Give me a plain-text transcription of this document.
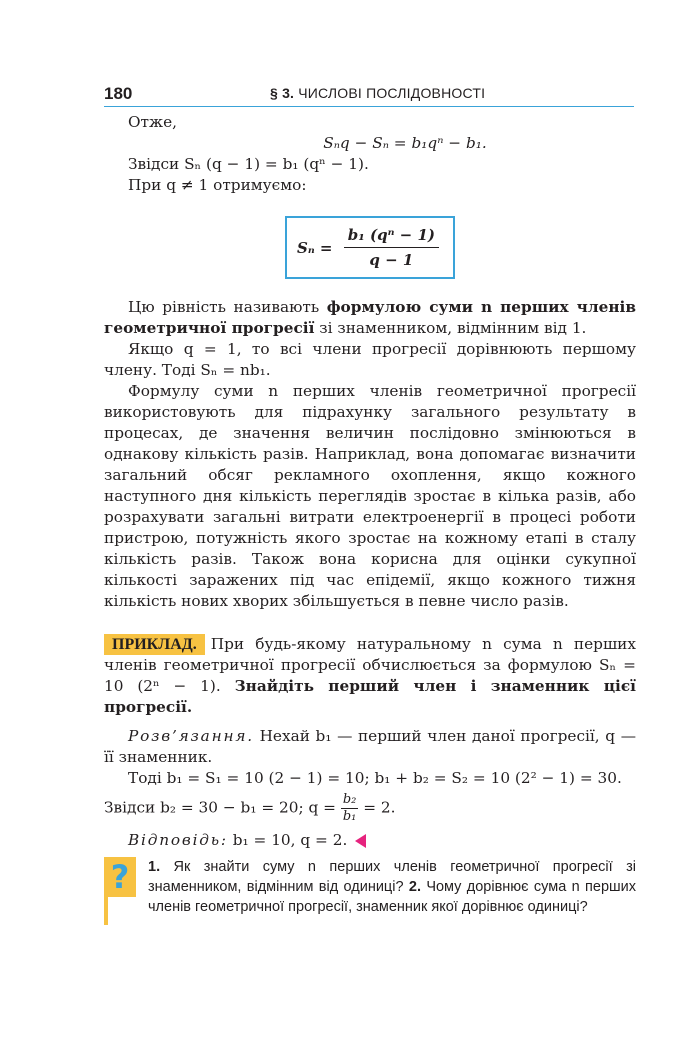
180	§ 3. ЧИСЛОВІ ПОСЛІДОВНОСТІ

Отже,

Sₙq − Sₙ = b₁qⁿ − b₁.

Звідси Sₙ (q − 1) = b₁ (qⁿ − 1).

При q ≠ 1 отримуємо:

$S_n = \frac{\text{b₁ (qⁿ − 1)}}{q - 1}$

Цю рівність називають формулою суми n перших членів геометричної прогресії зі знаменником, відмінним від 1.

Якщо q = 1, то всі члени прогресії дорівнюють першому члену. Тоді Sₙ = nb₁.

Формулу суми n перших членів геометричної прогресії використовують для підрахунку загального результату в процесах, де значення величин послідовно змінюються в однакову кількість разів. Наприклад, вона допомагає визначити загальний обсяг рекламного охоплення, якщо кожного наступного дня кількість переглядів зростає в кілька разів, або розрахувати загальні витрати електроенергії в процесі роботи пристрою, потужність якого зростає на кожному етапі в сталу кількість разів. Також вона корисна для оцінки сукупної кількості заражених під час епідемії, якщо кожного тижня кількість нових хворих збільшується в певне число разів.

ПРИКЛАД. При будь-якому натуральному n сума n перших членів геометричної прогресії обчислюється за формулою Sₙ = 10 (2ⁿ − 1). Знайдіть перший член і знаменник цієї прогресії.

Розв’язання. Нехай b₁ — перший член даної прогресії, q — її знаменник.

Тоді b₁ = S₁ = 10 (2 − 1) = 10; b₁ + b₂ = S₂ = 10 (2² − 1) = 30.

Звідси b₂ = 30 − b₁ = 20; $q = \frac{\text{b₂}}{\text{b₁}} = 2$.

Відповідь: b₁ = 10, q = 2.

?	1. Як знайти суму n перших членів геометричної прогресії зі знаменником, відмінним від одиниці? 2. Чому дорівнює сума n перших членів геометричної прогресії, знаменник якої дорівнює одиниці?
